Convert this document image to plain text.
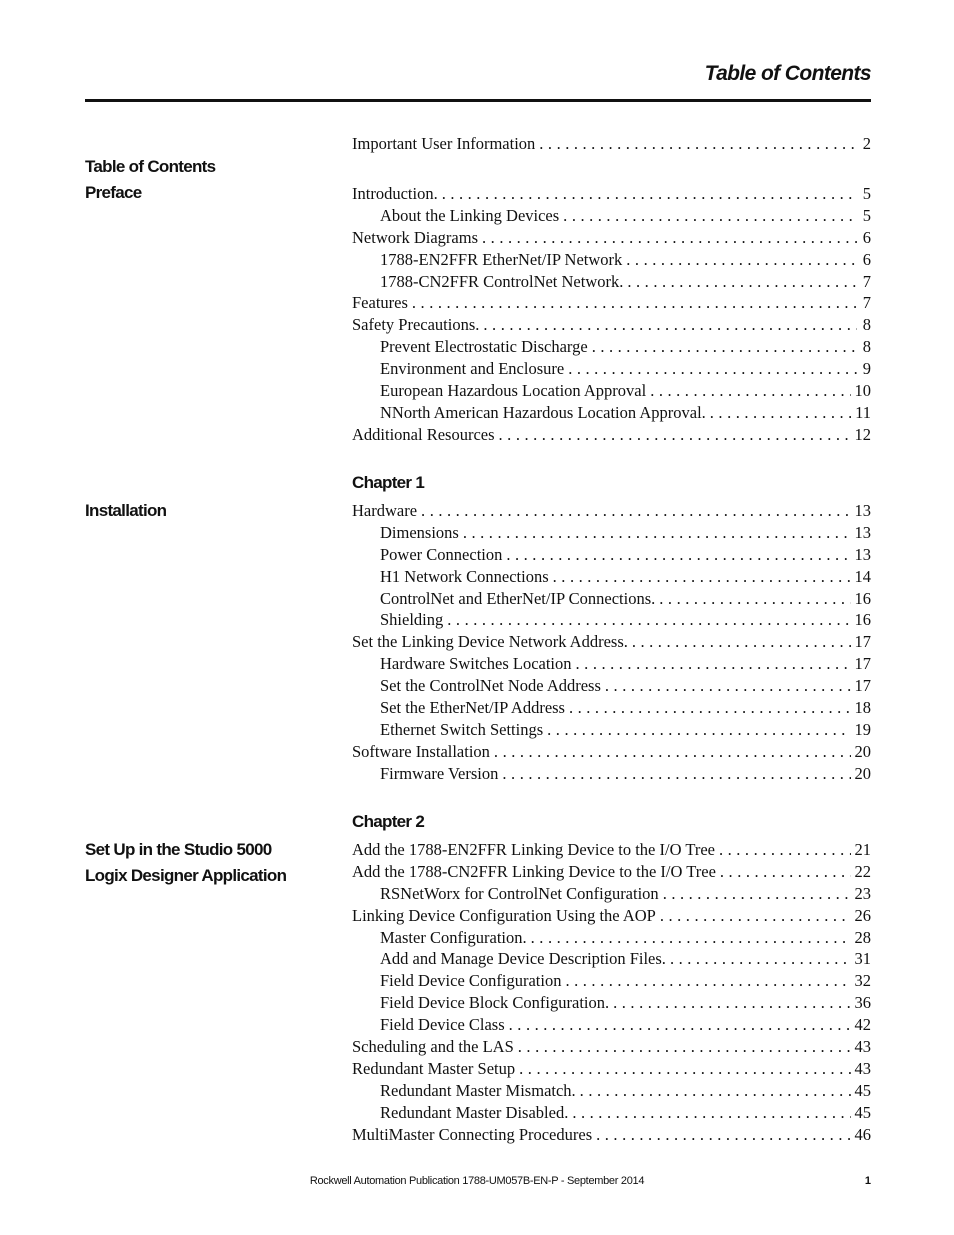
Table of Contents
Table of Contents
Preface
Installation
Set Up in the Studio 5000
Logix Designer Application
Chapter 1
Chapter 2
Important User Information . . .	2
Introduction. . . .	5
About the Linking Devices . . .	5
Network Diagrams . . .	6
1788-EN2FFR EtherNet/IP Network . . .	6
1788-CN2FFR ControlNet Network. . . .	7
Features . . .	7
Safety Precautions. . . .	8
Prevent Electrostatic Discharge . . .	8
Environment and Enclosure . . .	9
European Hazardous Location Approval . . .	10
NNorth American Hazardous Location Approval. . . .	11
Additional Resources . . .	12
Hardware . . .	13
Dimensions . . .	13
Power Connection . . .	13
H1 Network Connections . . .	14
ControlNet and EtherNet/IP Connections. . . .	16
Shielding . . .	16
Set the Linking Device Network Address. . . .	17
Hardware Switches Location . . .	17
Set the ControlNet Node Address . . .	17
Set the EtherNet/IP Address . . .	18
Ethernet Switch Settings . . .	19
Software Installation . . .	20
Firmware Version . . .	20
Add the 1788-EN2FFR Linking Device to the I/O Tree . . .	21
Add the 1788-CN2FFR Linking Device to the I/O Tree . . .	22
RSNetWorx for ControlNet Configuration . . .	23
Linking Device Configuration Using the AOP . . .	26
Master Configuration. . . .	28
Add and Manage Device Description Files. . . .	31
Field Device Configuration . . .	32
Field Device Block Configuration. . . .	36
Field Device Class . . .	42
Scheduling and the LAS . . .	43
Redundant Master Setup . . .	43
Redundant Master Mismatch. . . .	45
Redundant Master Disabled. . . .	45
MultiMaster Connecting Procedures . . .	46
Rockwell Automation Publication 1788-UM057B-EN-P - September 2014	1
